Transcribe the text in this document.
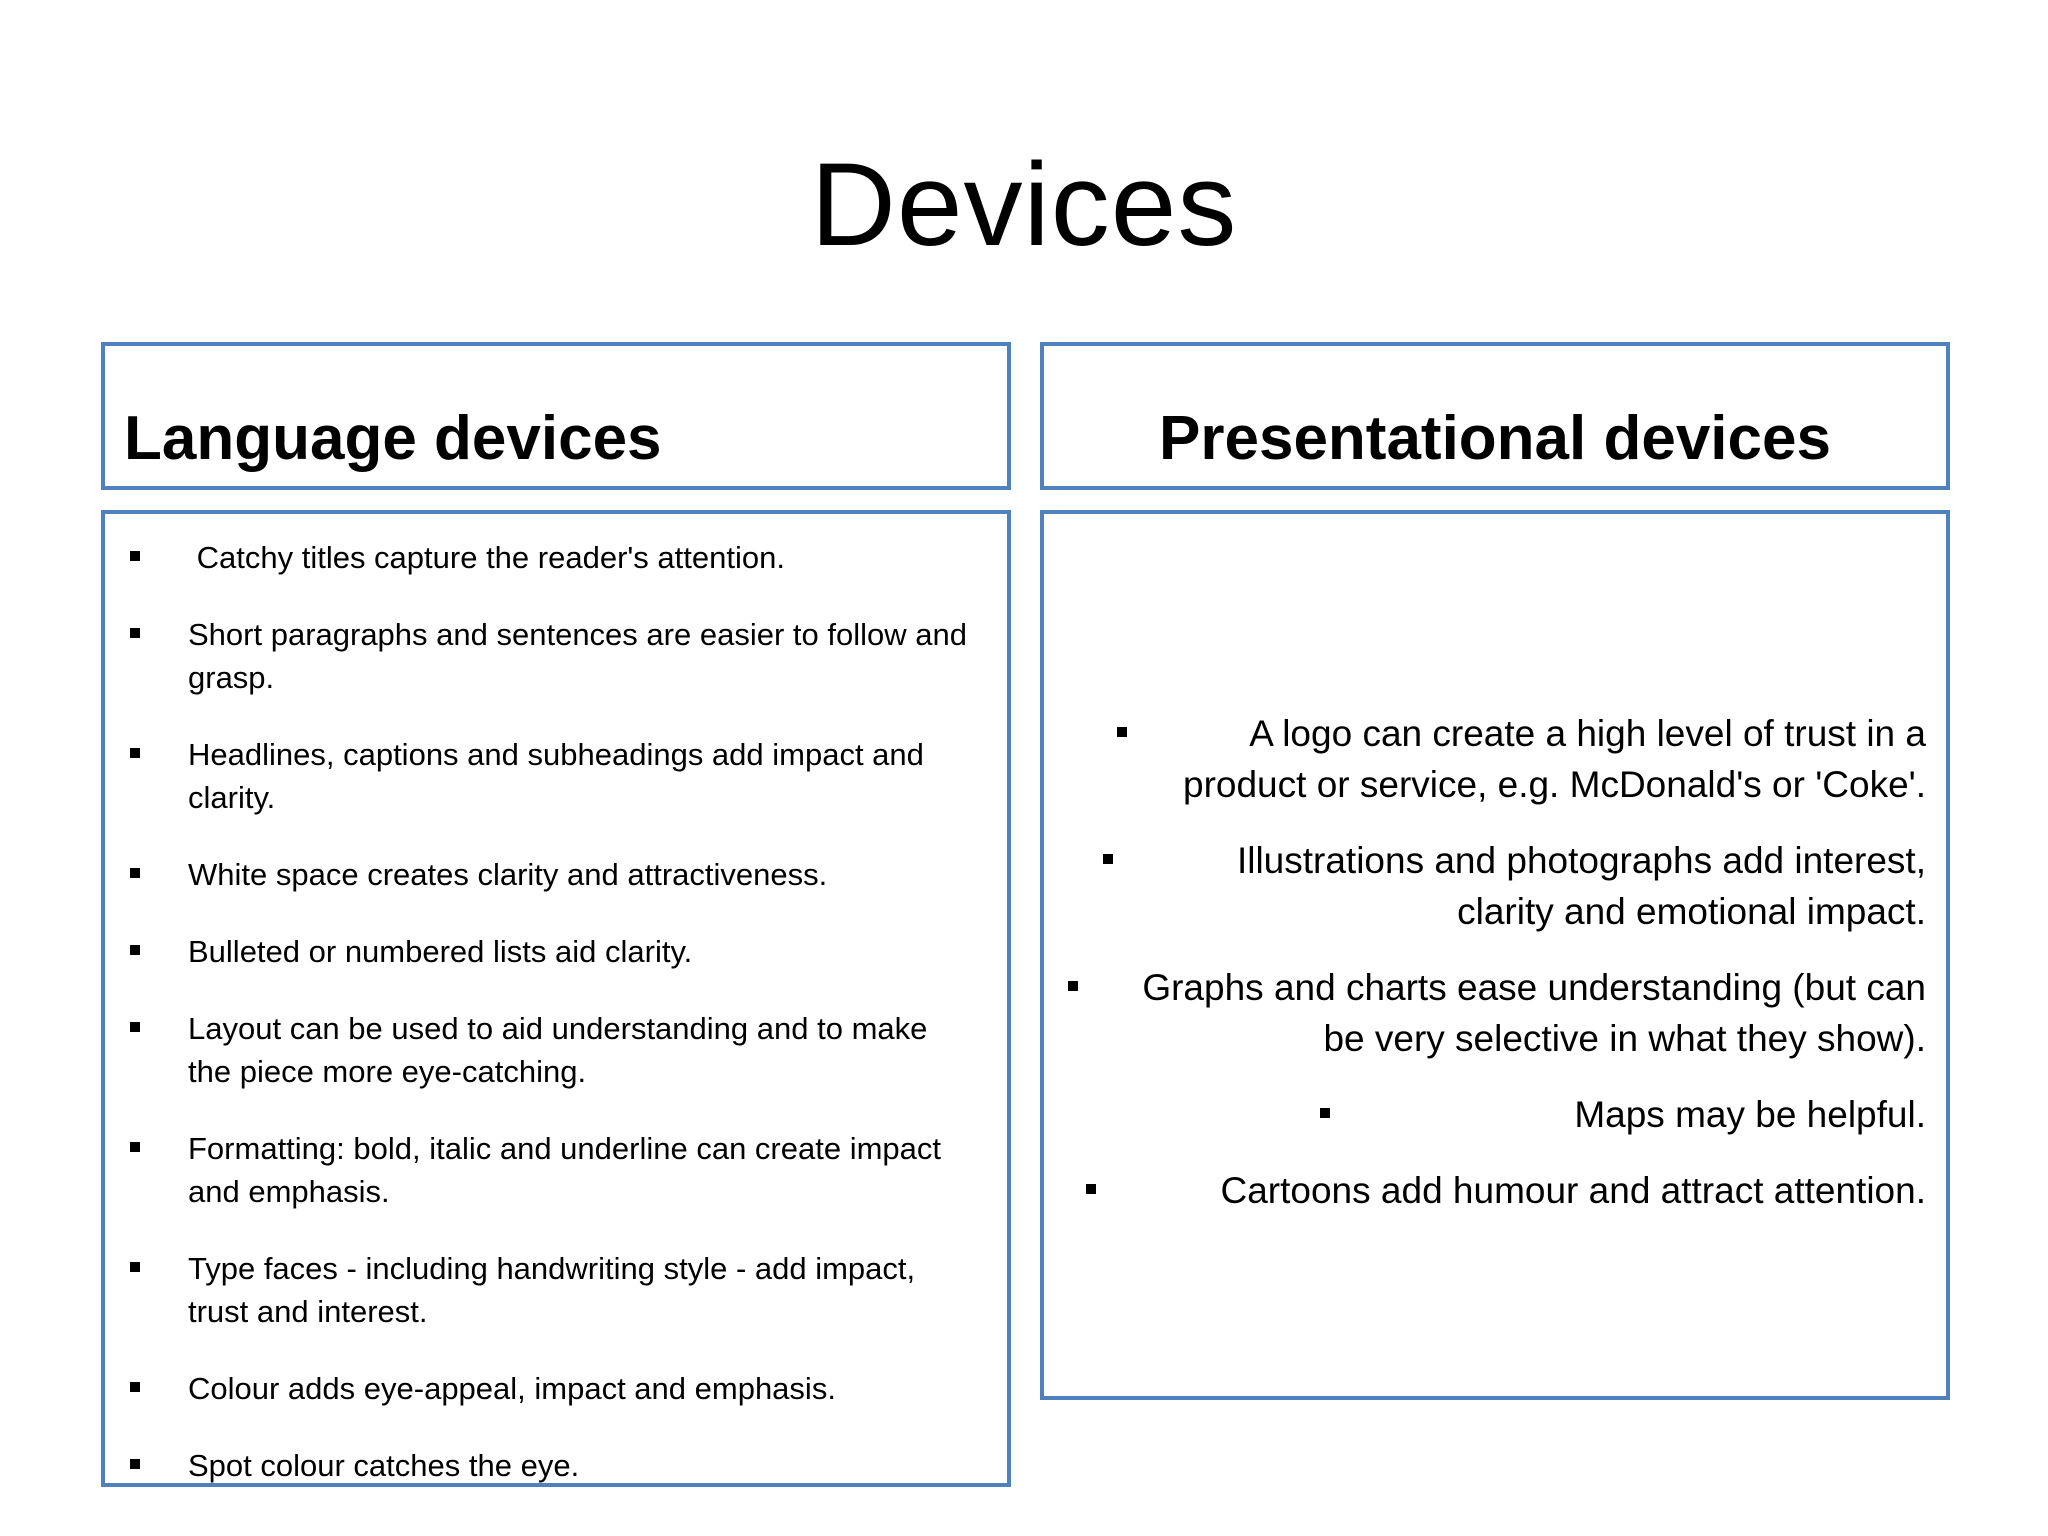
Devices
Language devices	Presentational devices
Catchy titles capture the reader's attention.
Short paragraphs and sentences are easier to follow and grasp.
Headlines, captions and subheadings add impact and clarity.
White space creates clarity and attractiveness.
Bulleted or numbered lists aid clarity.
Layout can be used to aid understanding and to make the piece more eye-catching.
Formatting: bold, italic and underline can create impact and emphasis.
Type faces - including handwriting style - add impact, trust and interest.
Colour adds eye-appeal, impact and emphasis.
Spot colour catches the eye.
A logo can create a high level of trust in a product or service, e.g. McDonald's or 'Coke'.
Illustrations and photographs add interest, clarity and emotional impact.
Graphs and charts ease understanding (but can be very selective in what they show).
Maps may be helpful.
Cartoons add humour and attract attention.
